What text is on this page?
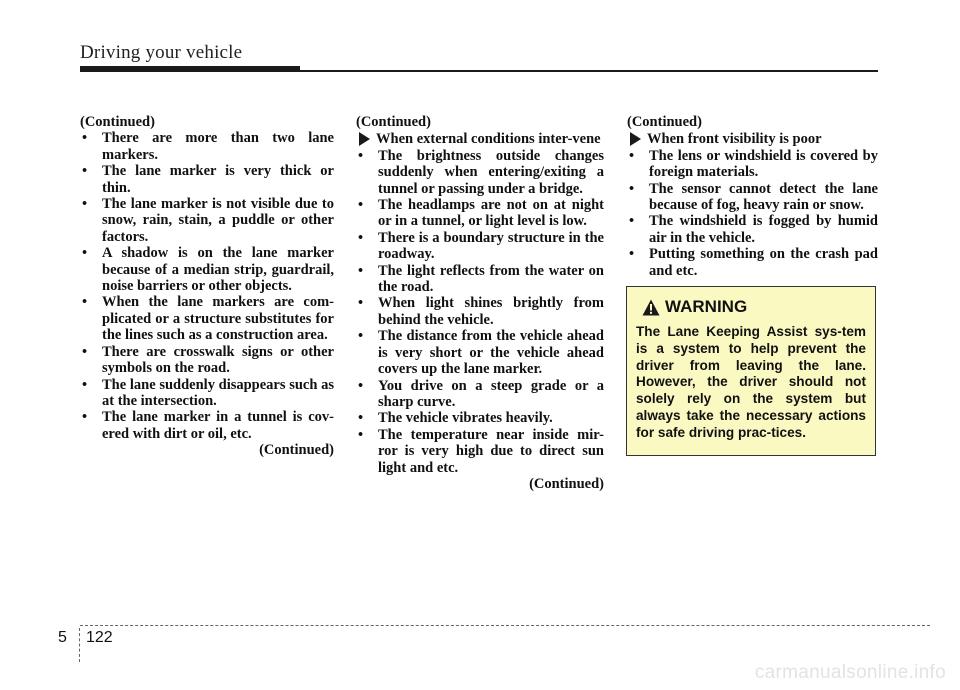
Driving your vehicle

(Continued)

• There are more than two lane markers.
• The lane marker is very thick or thin.
• The lane marker is not visible due to snow, rain, stain, a puddle or other factors.
• A shadow is on the lane marker because of a median strip, guardrail, noise barriers or other objects.
• When the lane markers are com-plicated or a structure substitutes for the lines such as a construction area.
• There are crosswalk signs or other symbols on the road.
• The lane suddenly disappears such as at the intersection.
• The lane marker in a tunnel is cov-ered with dirt or oil, etc.

(Continued)

(Continued)

When external conditions inter-vene
• The brightness outside changes suddenly when entering/exiting a tunnel or passing under a bridge.
• The headlamps are not on at night or in a tunnel, or light level is low.
• There is a boundary structure in the roadway.
• The light reflects from the water on the road.
• When light shines brightly from behind the vehicle.
• The distance from the vehicle ahead is very short or the vehicle ahead covers up the lane marker.
• You drive on a steep grade or a sharp curve.
• The vehicle vibrates heavily.
• The temperature near inside mir-ror is very high due to direct sun light and etc.

(Continued)

(Continued)

When front visibility is poor
• The lens or windshield is covered by foreign materials.
• The sensor cannot detect the lane because of fog, heavy rain or snow.
• The windshield is fogged by humid air in the vehicle.
• Putting something on the crash pad and etc.
WARNING

The Lane Keeping Assist sys-tem is a system to help prevent the driver from leaving the lane. However, the driver should not solely rely on the system but always take the necessary actions for safe driving prac-tices.

5 122
carmanualsonline.info
